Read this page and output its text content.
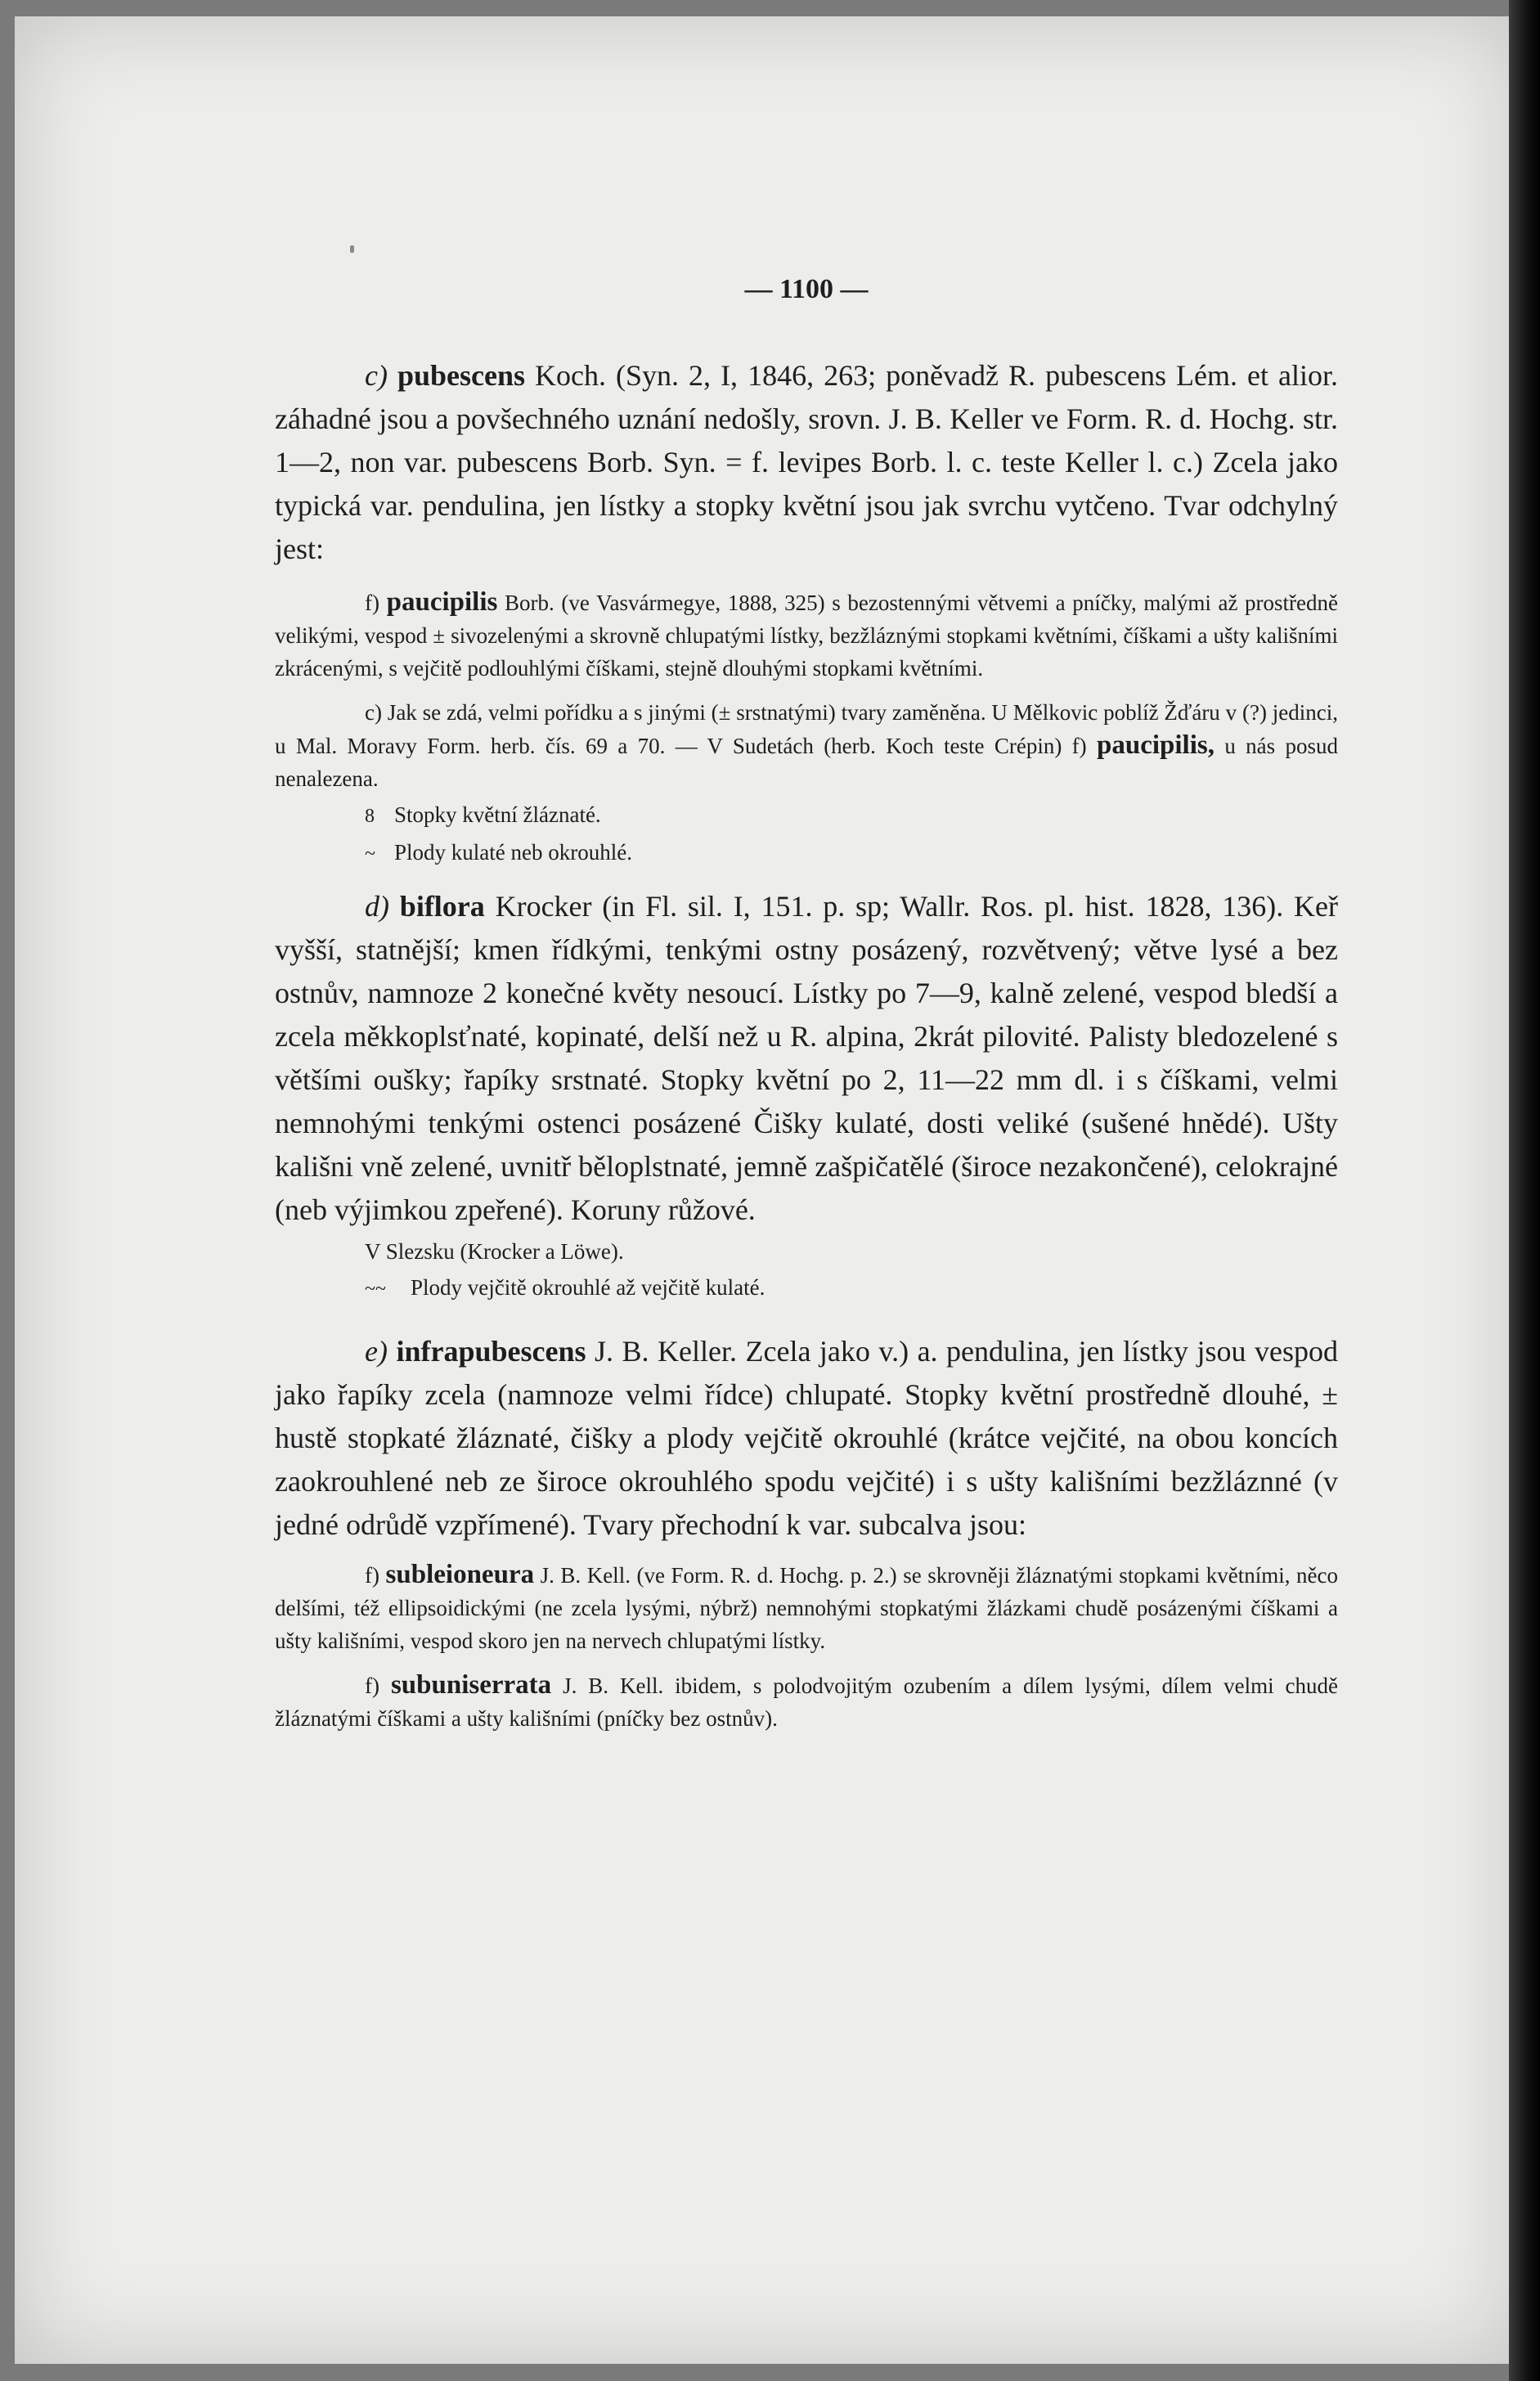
— 1100 —

c) pubescens Koch. (Syn. 2, I, 1846, 263; poněvadž R. pubescens Lém. et alior. záhadné jsou a povšechného uznání nedošly, srovn. J. B. Keller ve Form. R. d. Hochg. str. 1—2, non var. pubescens Borb. Syn. = f. levipes Borb. l. c. teste Keller l. c.) Zcela jako typická var. pendulina, jen lístky a stopky květní jsou jak svrchu vytčeno. Tvar odchylný jest:

f) paucipilis Borb. (ve Vasvármegye, 1888, 325) s bezostennými větvemi a pníčky, malými až prostředně velikými, vespod ± sivozelenými a skrovně chlupatými lístky, bezžláznými stopkami květními, číškami a ušty kališními zkrácenými, s vejčitě podlouhlými číškami, stejně dlouhými stopkami květními.

c) Jak se zdá, velmi pořídku a s jinými (± srstnatými) tvary zaměněna. U Mělkovic poblíž Žďáru v (?) jedinci, u Mal. Moravy Form. herb. čís. 69 a 70. — V Sudetách (herb. Koch teste Crépin) f) paucipilis, u nás posud nenalezena.

8 Stopky květní žláznaté.

~ Plody kulaté neb okrouhlé.

d) biflora Krocker (in Fl. sil. I, 151. p. sp; Wallr. Ros. pl. hist. 1828, 136). Keř vyšší, statnější; kmen řídkými, tenkými ostny posázený, rozvětvený; větve lysé a bez ostnův, namnoze 2 konečné květy nesoucí. Lístky po 7—9, kalně zelené, vespod bledší a zcela měkkoplsťnaté, kopinaté, delší než u R. alpina, 2krát pilovité. Palisty bledozelené s většími oušky; řapíky srstnaté. Stopky květní po 2, 11—22 mm dl. i s číškami, velmi nemnohými tenkými ostenci posázené Čišky kulaté, dosti veliké (sušené hnědé). Ušty kališni vně zelené, uvnitř běloplstnaté, jemně zašpičatělé (široce nezakončené), celokrajné (neb výjimkou zpeřené). Koruny růžové.

V Slezsku (Krocker a Löwe).

~~ Plody vejčitě okrouhlé až vejčitě kulaté.

e) infrapubescens J. B. Keller. Zcela jako v.) a. pendulina, jen lístky jsou vespod jako řapíky zcela (namnoze velmi řídce) chlupaté. Stopky květní prostředně dlouhé, ± hustě stopkaté žláznaté, čišky a plody vejčitě okrouhlé (krátce vejčité, na obou koncích zaokrouhlené neb ze široce okrouhlého spodu vejčité) i s ušty kališními bezžláznné (v jedné odrůdě vzpřímené). Tvary přechodní k var. subcalva jsou:

f) subleioneura J. B. Kell. (ve Form. R. d. Hochg. p. 2.) se skrovněji žláznatými stopkami květními, něco delšími, též ellipsoidickými (ne zcela lysými, nýbrž) nemnohými stopkatými žlázkami chudě posázenými číškami a ušty kališními, vespod skoro jen na nervech chlupatými lístky.

f) subuniserrata J. B. Kell. ibidem, s polodvojitým ozubením a dílem lysými, dílem velmi chudě žláznatými číškami a ušty kališními (pníčky bez ostnův).
